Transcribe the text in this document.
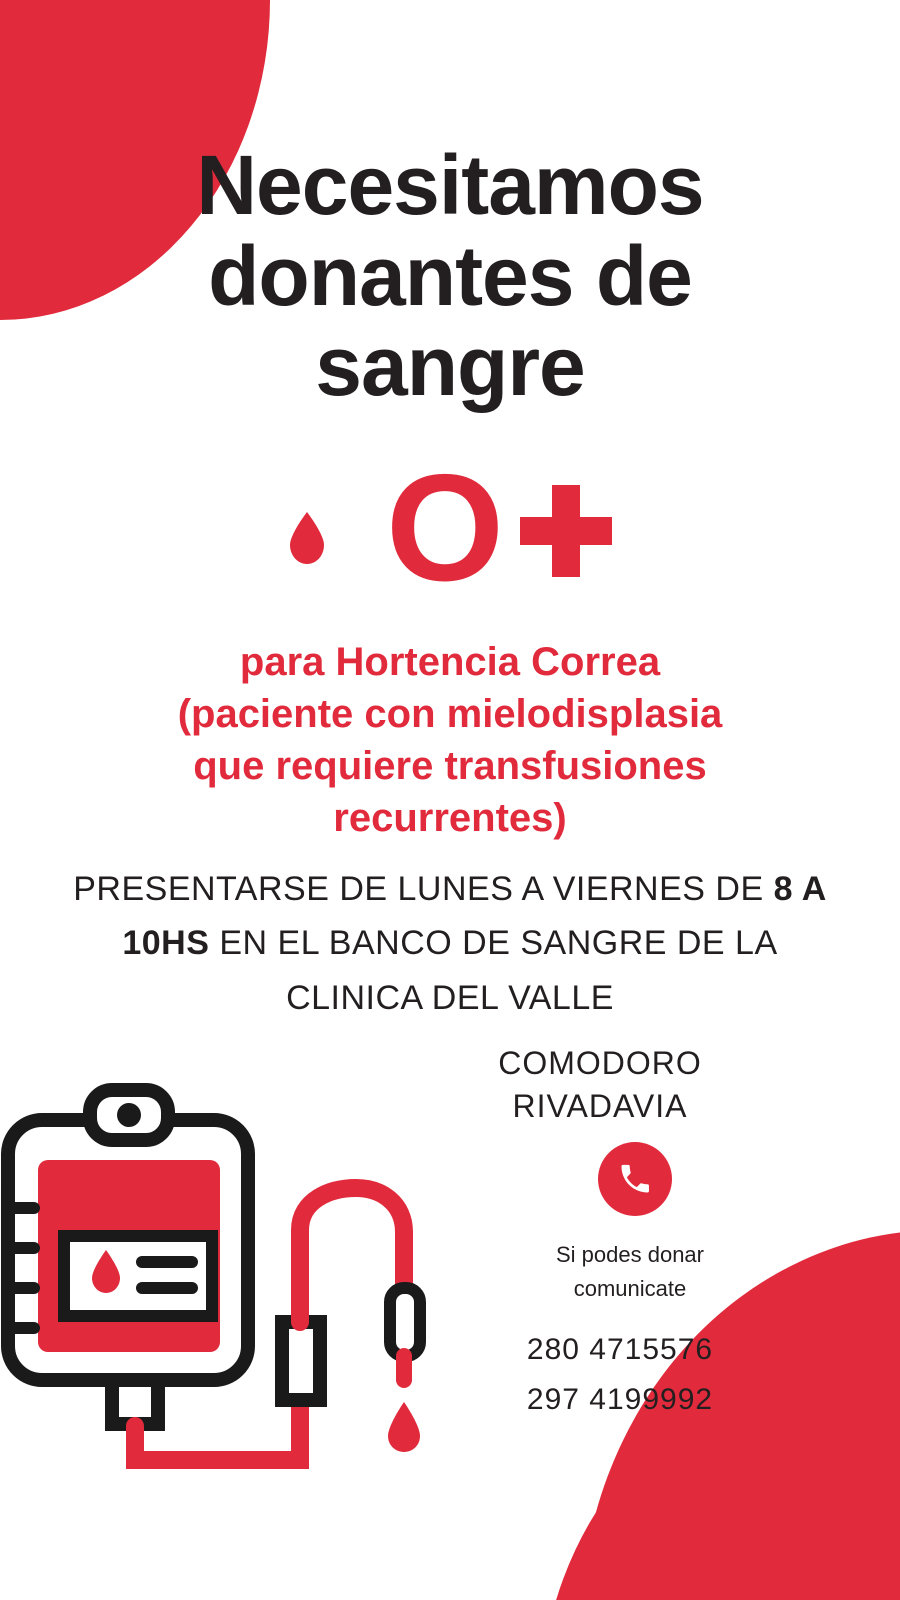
Necesitamos
donantes de
sangre
O
para Hortencia Correa
(paciente con mielodisplasia
que requiere transfusiones
recurrentes)
PRESENTARSE DE LUNES A VIERNES DE 8 A 10HS EN EL BANCO DE SANGRE DE LA CLINICA DEL VALLE
COMODORO
RIVADAVIA
Si podes donar
comunicate
280 4715576
297 4199992
